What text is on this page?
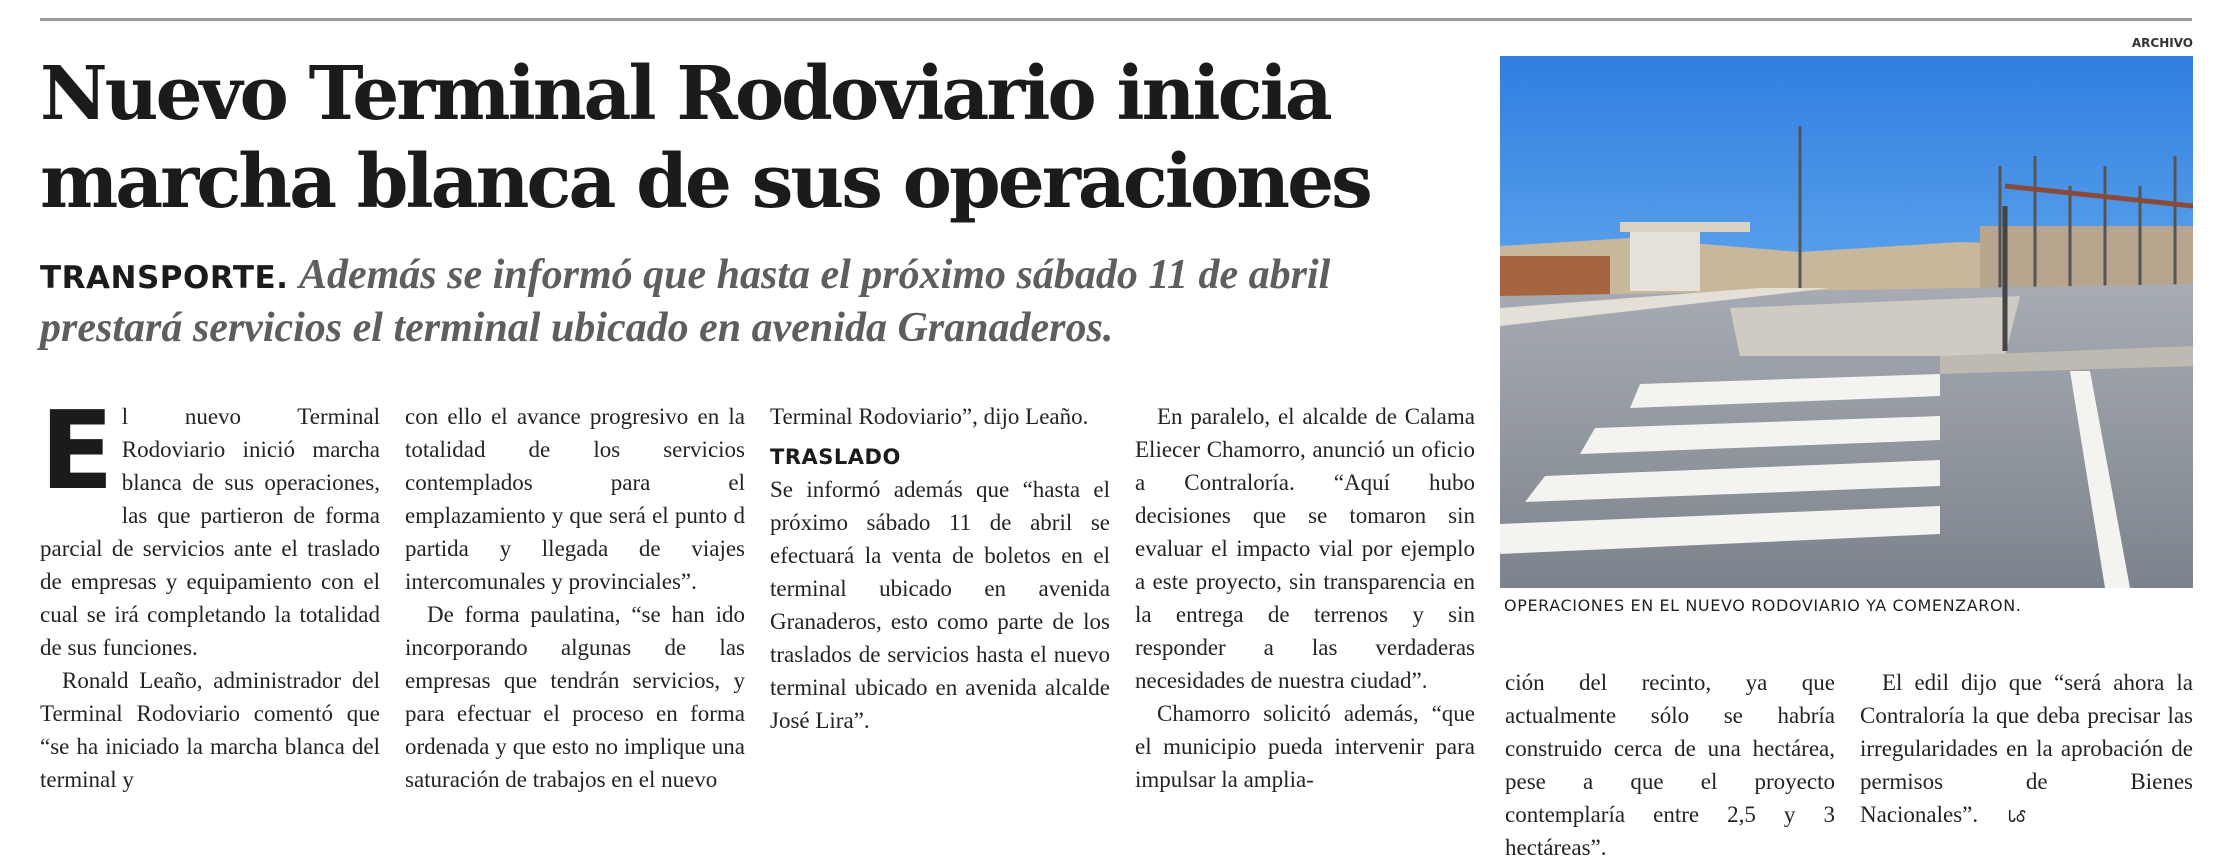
Nuevo Terminal Rodoviario inicia
marcha blanca de sus operaciones
TRANSPORTE. Además se informó que hasta el próximo sábado 11 de abril
prestará servicios el terminal ubicado en avenida Granaderos.

El nuevo Terminal Rodoviario inició marcha blanca de sus operaciones, las que partieron de forma parcial de servicios ante el traslado de empresas y equipamiento con el cual se irá completando la totalidad de sus funciones.

Ronald Leaño, administrador del Terminal Rodoviario comentó que “se ha iniciado la marcha blanca del terminal y

con ello el avance progresivo en la totalidad de los servicios contemplados para el emplazamiento y que será el punto d partida y llegada de viajes intercomunales y provinciales”.

De forma paulatina, “se han ido incorporando algunas de las empresas que tendrán servicios, y para efectuar el proceso en forma ordenada y que esto no implique una saturación de trabajos en el nuevo

Terminal Rodoviario”, dijo Leaño.

TRASLADO

Se informó además que “hasta el próximo sábado 11 de abril se efectuará la venta de boletos en el terminal ubicado en avenida Granaderos, esto como parte de los traslados de servicios hasta el nuevo terminal ubicado en avenida alcalde José Lira”.

En paralelo, el alcalde de Calama Eliecer Chamorro, anunció un oficio a Contraloría. “Aquí hubo decisiones que se tomaron sin evaluar el impacto vial por ejemplo a este proyecto, sin transparencia en la entrega de terrenos y sin responder a las verdaderas necesidades de nuestra ciudad”.

Chamorro solicitó además, “que el municipio pueda intervenir para impulsar la amplia-

ción del recinto, ya que actualmente sólo se habría construido cerca de una hectárea, pese a que el proyecto contemplaría entre 2,5 y 3 hectáreas”.

El edil dijo que “será ahora la Contraloría la que deba precisar las irregularidades en la aprobación de permisos de Bienes Nacionales”. ᏓᎴ

ARCHIVO
OPERACIONES EN EL NUEVO RODOVIARIO YA COMENZARON.
